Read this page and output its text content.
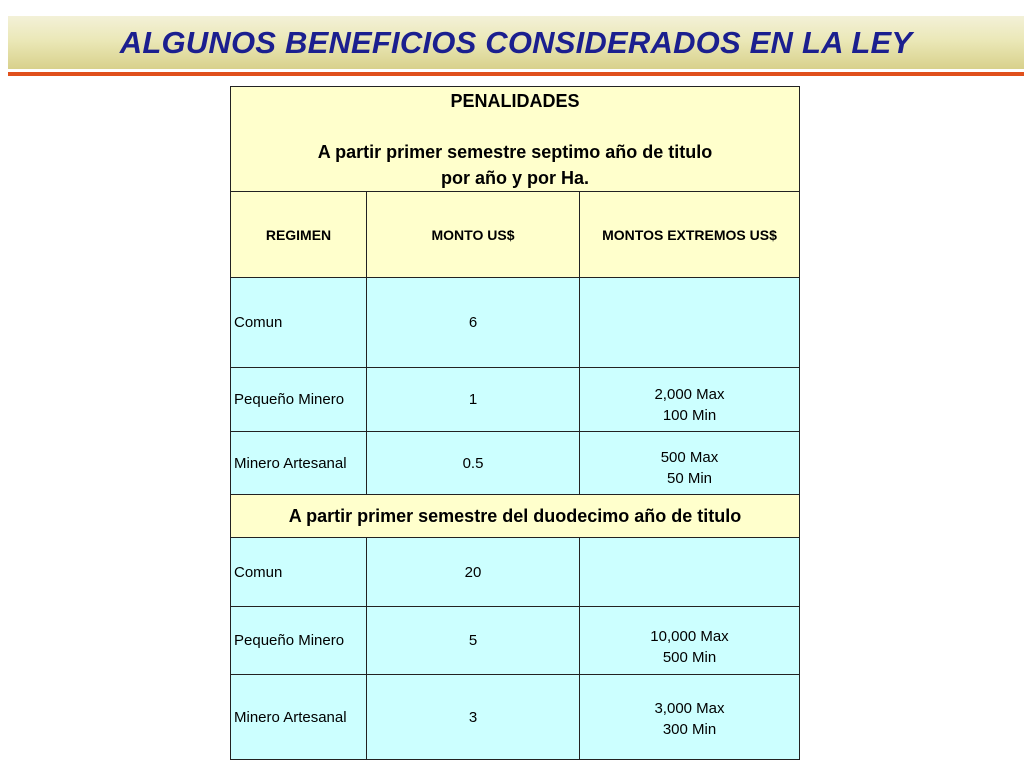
ALGUNOS BENEFICIOS CONSIDERADOS EN LA LEY
PENALIDADES
A partir primer semestre septimo año de titulo
por año y por Ha.		

REGIMEN	MONTO US$	MONTOS EXTREMOS US$
Comun	6	
Pequeño Minero	1	2,000 Max
100 Min

Minero Artesanal	0.5	500 Max
50 Min

A partir primer semestre del duodecimo año de titulo		
Comun	20	
Pequeño Minero	5	10,000 Max
500 Min

Minero Artesanal	3	3,000 Max
300 Min
